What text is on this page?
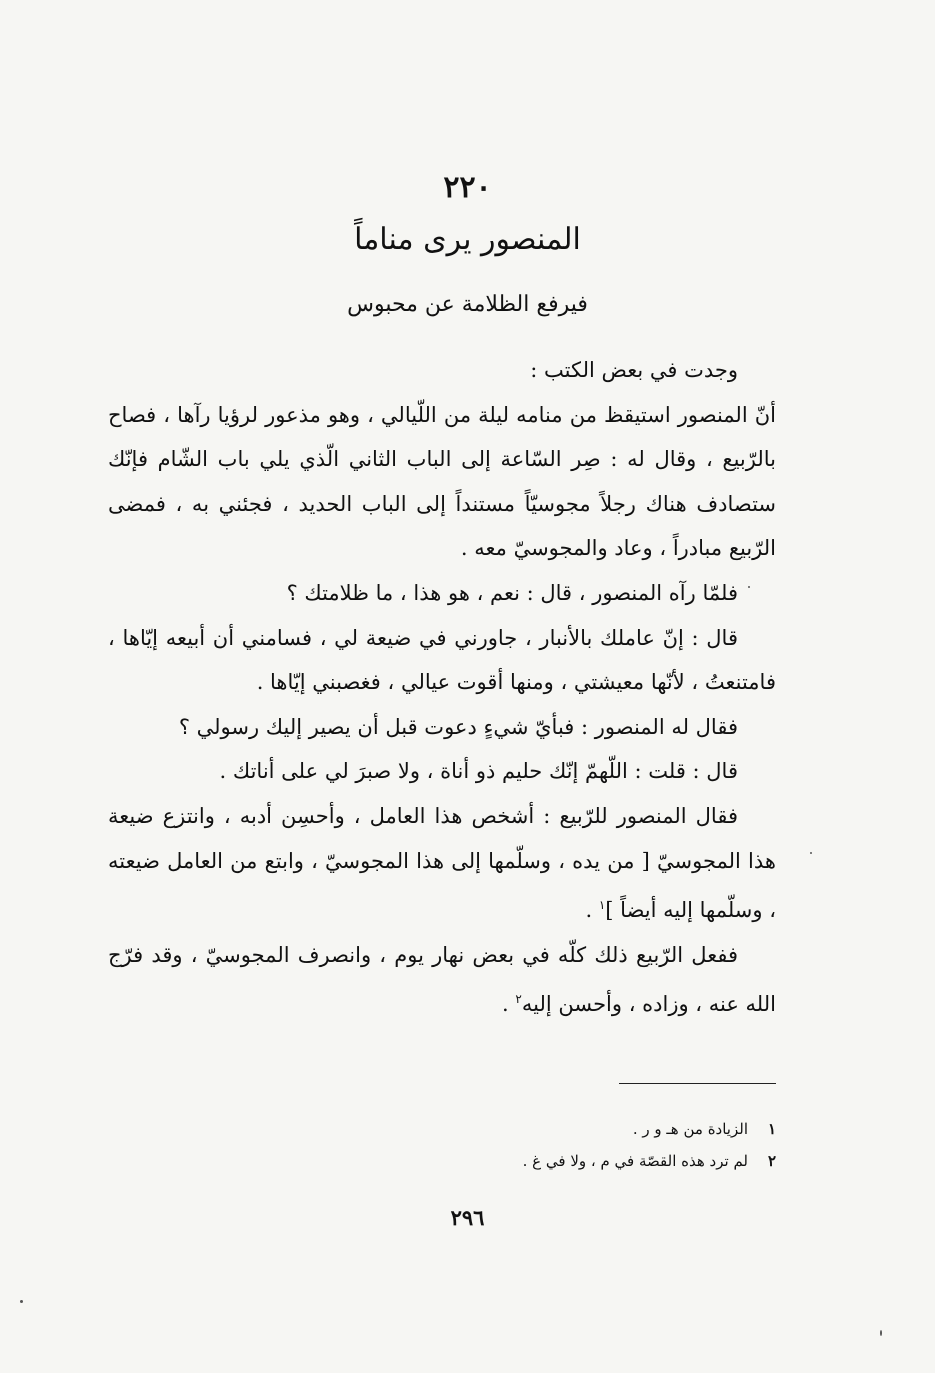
٢٢٠
المنصور يرى مناماً
فيرفع الظلامة عن محبوس

وجدت في بعض الكتب :

أنّ المنصور استيقظ من منامه ليلة من اللّيالي ، وهو مذعور لرؤيا رآها ، فصاح بالرّبيع ، وقال له : صِر السّاعة إلى الباب الثاني الّذي يلي باب الشّام فإنّك ستصادف هناك رجلاً مجوسيّاً مستنداً إلى الباب الحديد ، فجئني به ، فمضى الرّبيع مبادراً ، وعاد والمجوسيّ معه .

فلمّا رآه المنصور ، قال : نعم ، هو هذا ، ما ظلامتك ؟

قال : إنّ عاملك بالأنبار ، جاورني في ضيعة لي ، فسامني أن أبيعه إيّاها ، فامتنعتُ ، لأنّها معيشتي ، ومنها أقوت عيالي ، فغصبني إيّاها .

فقال له المنصور : فبأيّ شيءٍ دعوت قبل أن يصير إليك رسولي ؟

قال : قلت : اللّهمّ إنّك حليم ذو أناة ، ولا صبرَ لي على أناتك .

فقال المنصور للرّبيع : أشخص هذا العامل ، وأحسِن أدبه ، وانتزع ضيعة هذا المجوسيّ [ من يده ، وسلّمها إلى هذا المجوسيّ ، وابتع من العامل ضيعته ، وسلّمها إليه أيضاً ]$^١$ .

ففعل الرّبيع ذلك كلّه في بعض نهار يوم ، وانصرف المجوسيّ ، وقد فرّج الله عنه ، وزاده ، وأحسن إليه$^٢$ .

١
الزيادة من هـ و ر .
٢
لم ترد هذه القصّة في م ، ولا في غ .
٢٩٦
